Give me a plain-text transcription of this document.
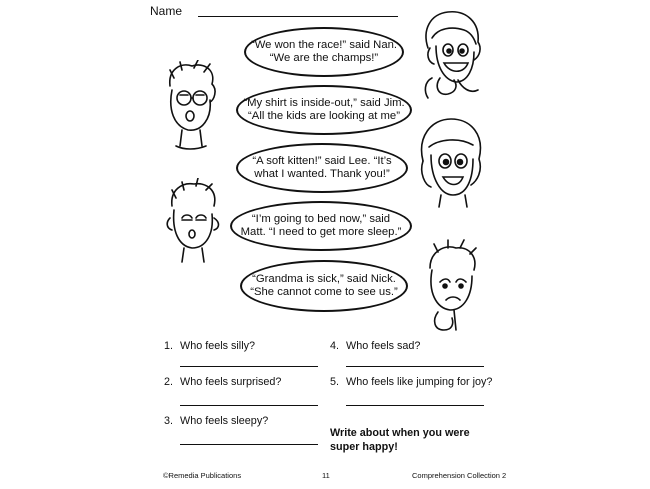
Name
“We won the race!” said Nan.
“We are the champs!”
“My shirt is inside-out,” said Jim.
“All the kids are looking at me”
“A soft kitten!” said Lee. “It’s
what I wanted. Thank you!”
“I’m going to bed now,” said
Matt. “I need to get more sleep.”
“Grandma is sick,” said Nick.
“She cannot come to see us.”
1. Who feels silly?
2. Who feels surprised?
3. Who feels sleepy?
4. Who feels sad?
5. Who feels like jumping for joy?
Write about when you were
super happy!
©Remedia Publications	11	Comprehension Collection 2
